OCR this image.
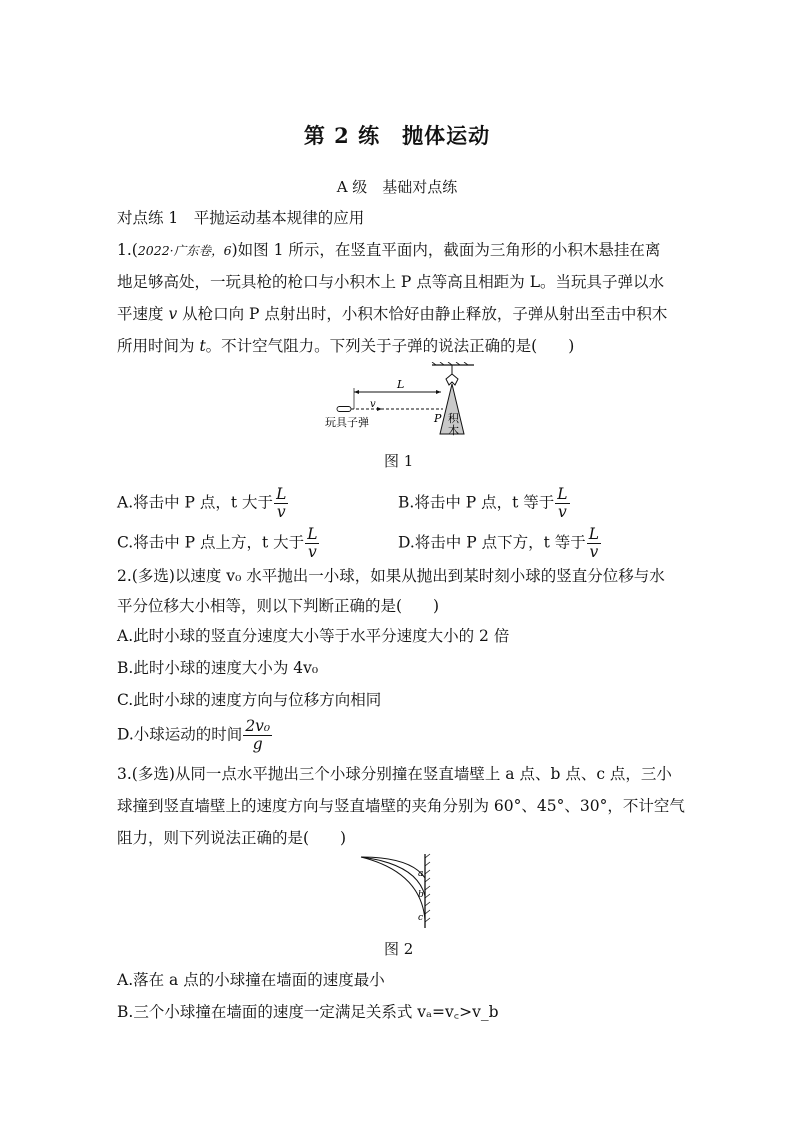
第 2 练　抛体运动
A 级　基础对点练
对点练 1　平抛运动基本规律的应用
1.(2022·广东卷，6)如图 1 所示，在竖直平面内，截面为三角形的小积木悬挂在离
地足够高处，一玩具枪的枪口与小积木上 P 点等高且相距为 L。当玩具子弹以水
平速度 v 从枪口向 P 点射出时，小积木恰好由静止释放，子弹从射出至击中积木
所用时间为 t。不计空气阻力。下列关于子弹的说法正确的是(　　)
L
v
P 积
木
玩具子弹
图 1
A.将击中 P 点，t 大于 $\frac{L}{v}$	B.将击中 P 点，t 等于 $\frac{L}{v}$
C.将击中 P 点上方，t 大于 $\frac{L}{v}$	D.将击中 P 点下方，t 等于 $\frac{L}{v}$
2.(多选)以速度 v₀ 水平抛出一小球，如果从抛出到某时刻小球的竖直分位移与水
平分位移大小相等，则以下判断正确的是(　　)
A.此时小球的竖直分速度大小等于水平分速度大小的 2 倍
B.此时小球的速度大小为 4v₀
C.此时小球的速度方向与位移方向相同
D.小球运动的时间 $\frac{\text{2v₀}}{g}$
3.(多选)从同一点水平抛出三个小球分别撞在竖直墙壁上 a 点、b 点、c 点，三小
球撞到竖直墙壁上的速度方向与竖直墙壁的夹角分别为 60°、45°、30°，不计空气
阻力，则下列说法正确的是(　　)
a
b
c
图 2
A.落在 a 点的小球撞在墙面的速度最小
B.三个小球撞在墙面的速度一定满足关系式 vₐ=v꜀>v_b
